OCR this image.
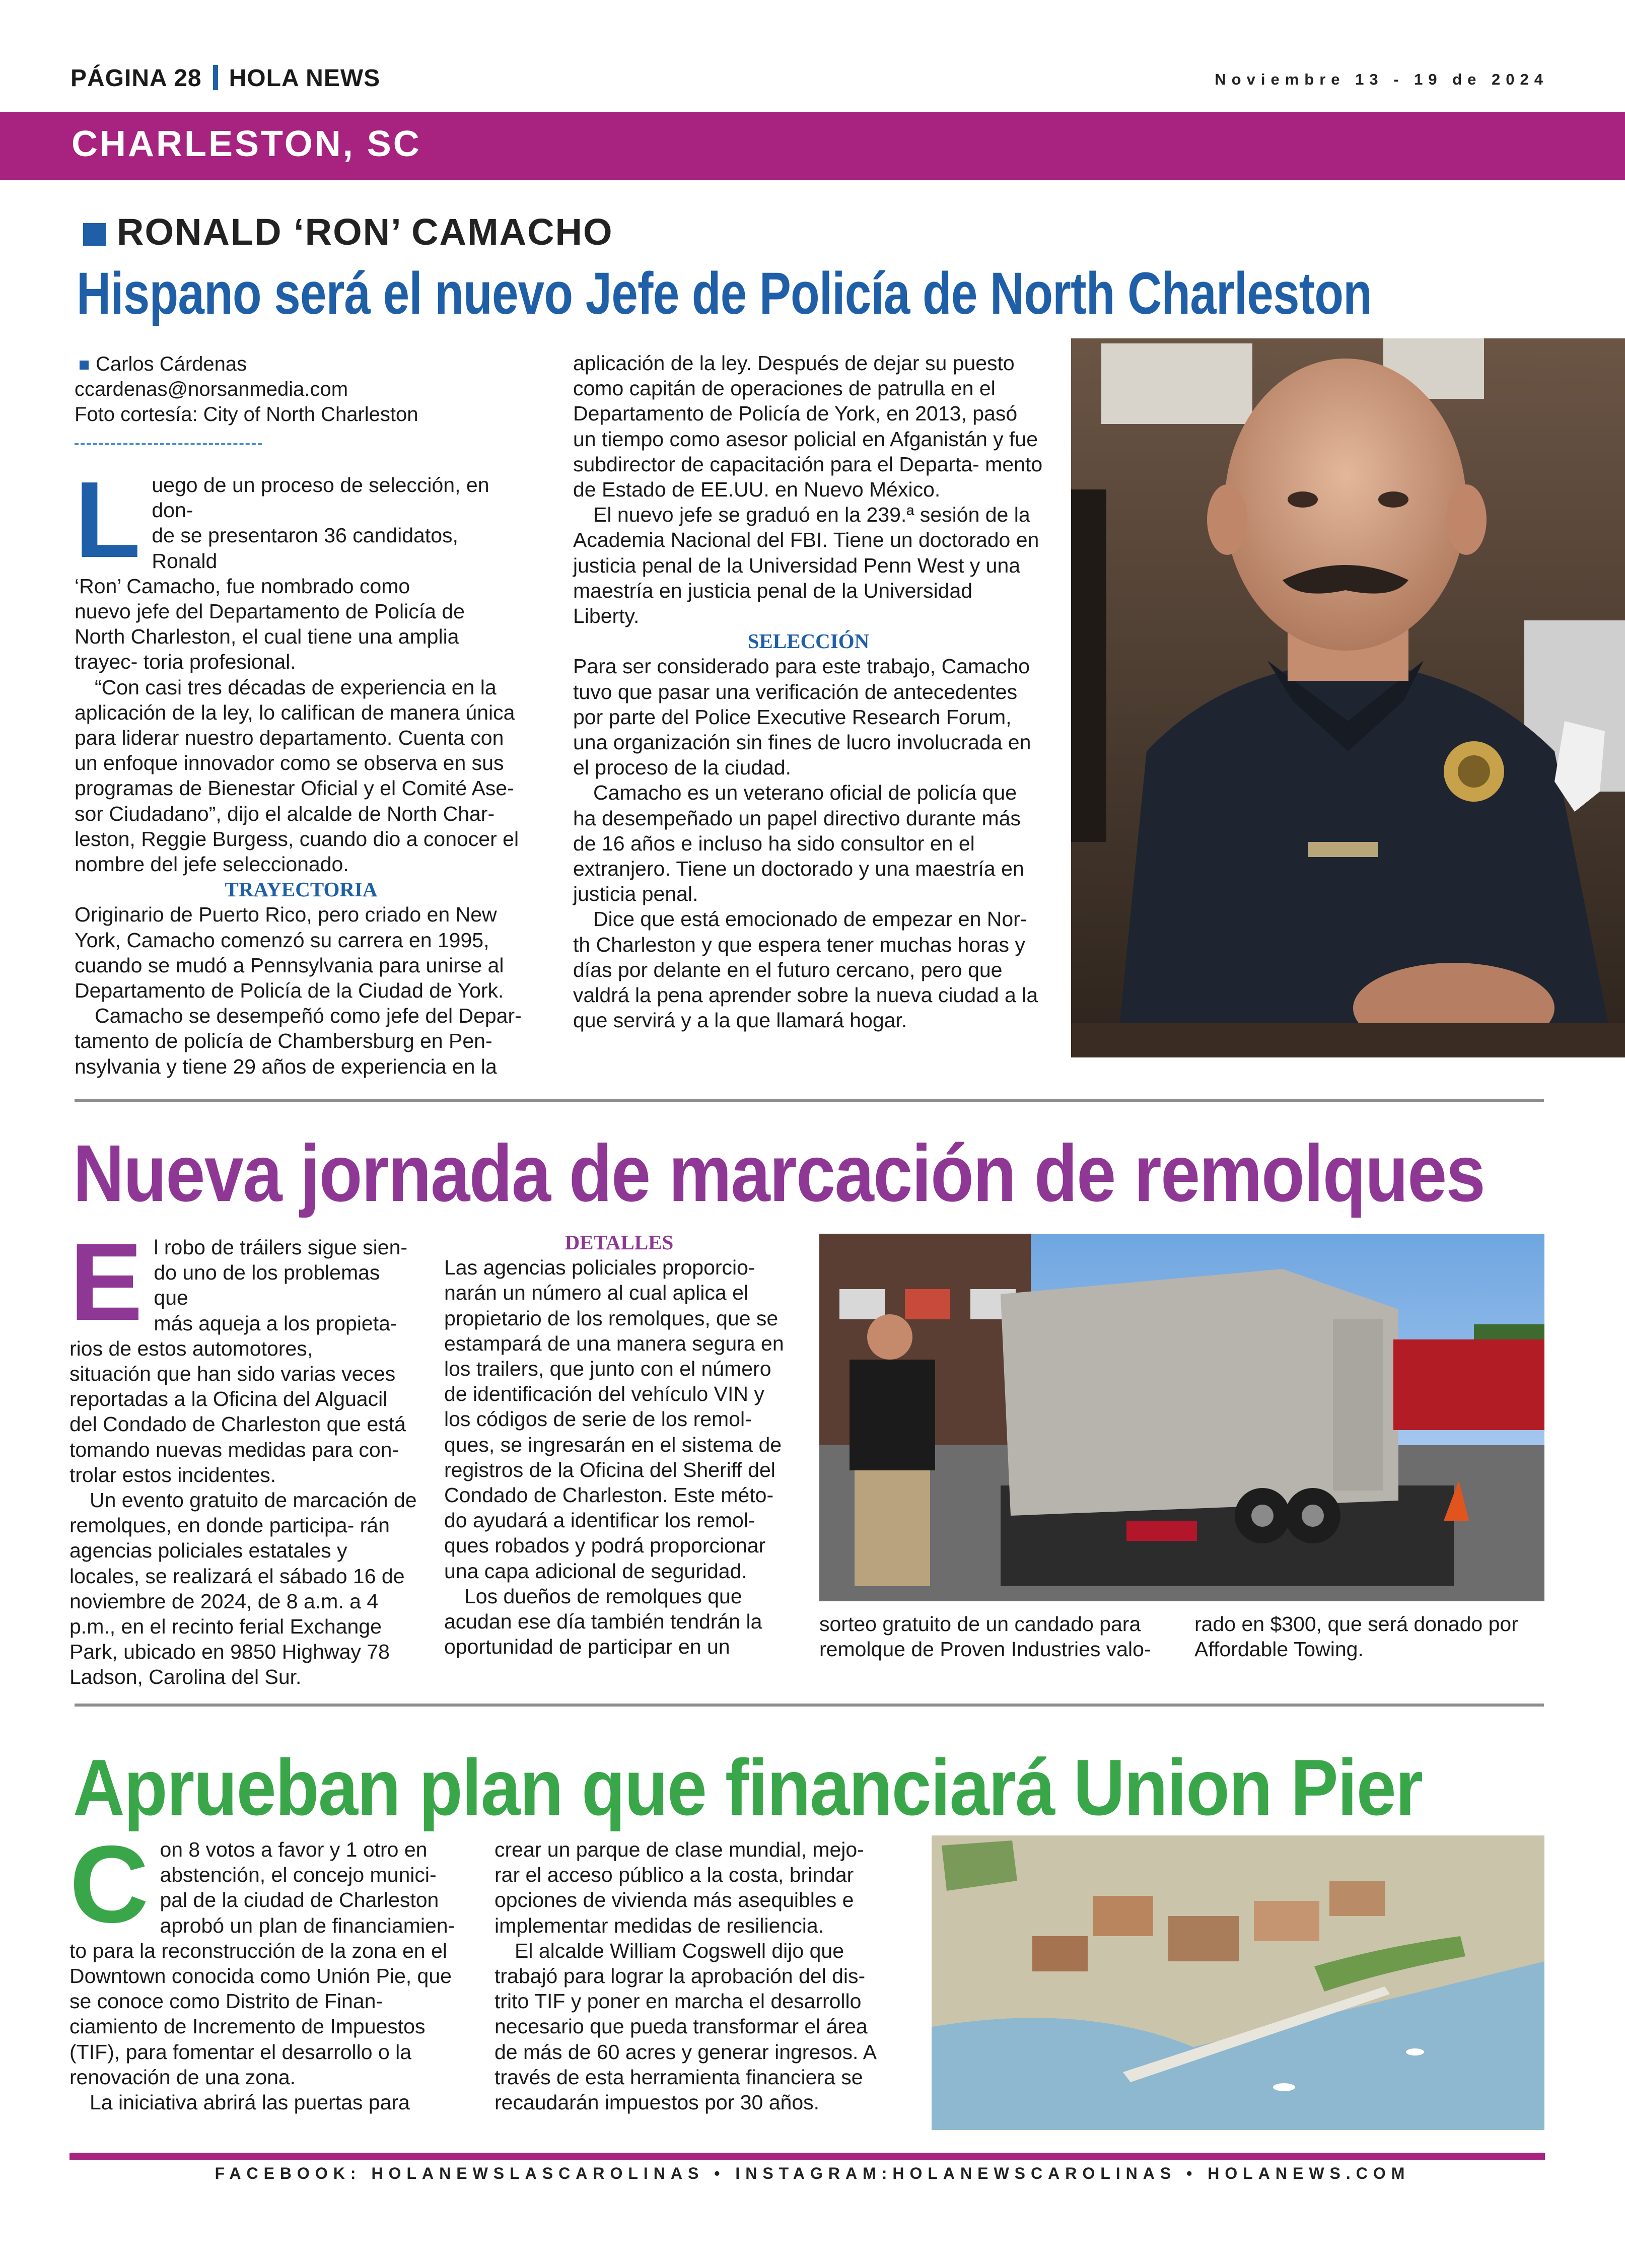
PÁGINA 28 HOLA NEWS	Noviembre 13 - 19 de 2024
CHARLESTON, SC
RONALD ‘RON’ CAMACHO
Hispano será el nuevo Jefe de Policía de North Charleston
Carlos Cárdenas
ccardenas@norsanmedia.com
Foto cortesía: City of North Charleston
L uego de un proceso de selección, en don-
de se presentaron 36 candidatos, Ronald
‘Ron’ Camacho, fue nombrado como
nuevo jefe del Departamento de Policía de

North Charleston, el cual tiene una amplia trayec- toria profesional.

“Con casi tres décadas de experiencia en la aplicación de la ley, lo califican de manera única para liderar nuestro departamento. Cuenta con un enfoque innovador como se observa en sus programas de Bienestar Oficial y el Comité Ase- sor Ciudadano”, dijo el alcalde de North Char- leston, Reggie Burgess, cuando dio a conocer el nombre del jefe seleccionado.

TRAYECTORIA

Originario de Puerto Rico, pero criado en New York, Camacho comenzó su carrera en 1995, cuando se mudó a Pennsylvania para unirse al Departamento de Policía de la Ciudad de York.

Camacho se desempeñó como jefe del Depar- tamento de policía de Chambersburg en Pen- nsylvania y tiene 29 años de experiencia en la

aplicación de la ley. Después de dejar su puesto como capitán de operaciones de patrulla en el Departamento de Policía de York, en 2013, pasó un tiempo como asesor policial en Afganistán y fue subdirector de capacitación para el Departa- mento de Estado de EE.UU. en Nuevo México.

El nuevo jefe se graduó en la 239.ª sesión de la Academia Nacional del FBI. Tiene un doctorado en justicia penal de la Universidad Penn West y una maestría en justicia penal de la Universidad Liberty.

SELECCIÓN

Para ser considerado para este trabajo, Camacho tuvo que pasar una verificación de antecedentes por parte del Police Executive Research Forum, una organización sin fines de lucro involucrada en el proceso de la ciudad.

Camacho es un veterano oficial de policía que ha desempeñado un papel directivo durante más de 16 años e incluso ha sido consultor en el extranjero. Tiene un doctorado y una maestría en justicia penal.

Dice que está emocionado de empezar en Nor- th Charleston y que espera tener muchas horas y días por delante en el futuro cercano, pero que valdrá la pena aprender sobre la nueva ciudad a la que servirá y a la que llamará hogar.

Nueva jornada de marcación de remolques
E l robo de tráilers sigue sien-
do uno de los problemas que
más aqueja a los propieta-
rios de estos automotores,

situación que han sido varias veces reportadas a la Oficina del Alguacil del Condado de Charleston que está tomando nuevas medidas para con- trolar estos incidentes.

Un evento gratuito de marcación de remolques, en donde participa- rán agencias policiales estatales y locales, se realizará el sábado 16 de noviembre de 2024, de 8 a.m. a 4 p.m., en el recinto ferial Exchange Park, ubicado en 9850 Highway 78 Ladson, Carolina del Sur.

DETALLES

Las agencias policiales proporcio- narán un número al cual aplica el propietario de los remolques, que se estampará de una manera segura en los trailers, que junto con el número de identificación del vehículo VIN y los códigos de serie de los remol- ques, se ingresarán en el sistema de registros de la Oficina del Sheriff del Condado de Charleston. Este méto- do ayudará a identificar los remol- ques robados y podrá proporcionar una capa adicional de seguridad.

Los dueños de remolques que acudan ese día también tendrán la oportunidad de participar en un

sorteo gratuito de un candado para remolque de Proven Industries valo-
rado en $300, que será donado por Affordable Towing.
Aprueban plan que financiará Union Pier
C on 8 votos a favor y 1 otro en
abstención, el concejo munici-
pal de la ciudad de Charleston
aprobó un plan de financiamien-

to para la reconstrucción de la zona en el Downtown conocida como Unión Pie, que se conoce como Distrito de Finan- ciamiento de Incremento de Impuestos (TIF), para fomentar el desarrollo o la renovación de una zona.

La iniciativa abrirá las puertas para

crear un parque de clase mundial, mejo- rar el acceso público a la costa, brindar opciones de vivienda más asequibles e implementar medidas de resiliencia.

El alcalde William Cogswell dijo que trabajó para lograr la aprobación del dis- trito TIF y poner en marcha el desarrollo necesario que pueda transformar el área de más de 60 acres y generar ingresos. A través de esta herramienta financiera se recaudarán impuestos por 30 años.

FACEBOOK: HOLANEWSLASCAROLINAS • INSTAGRAM:HOLANEWSCAROLINAS • HOLANEWS.COM
